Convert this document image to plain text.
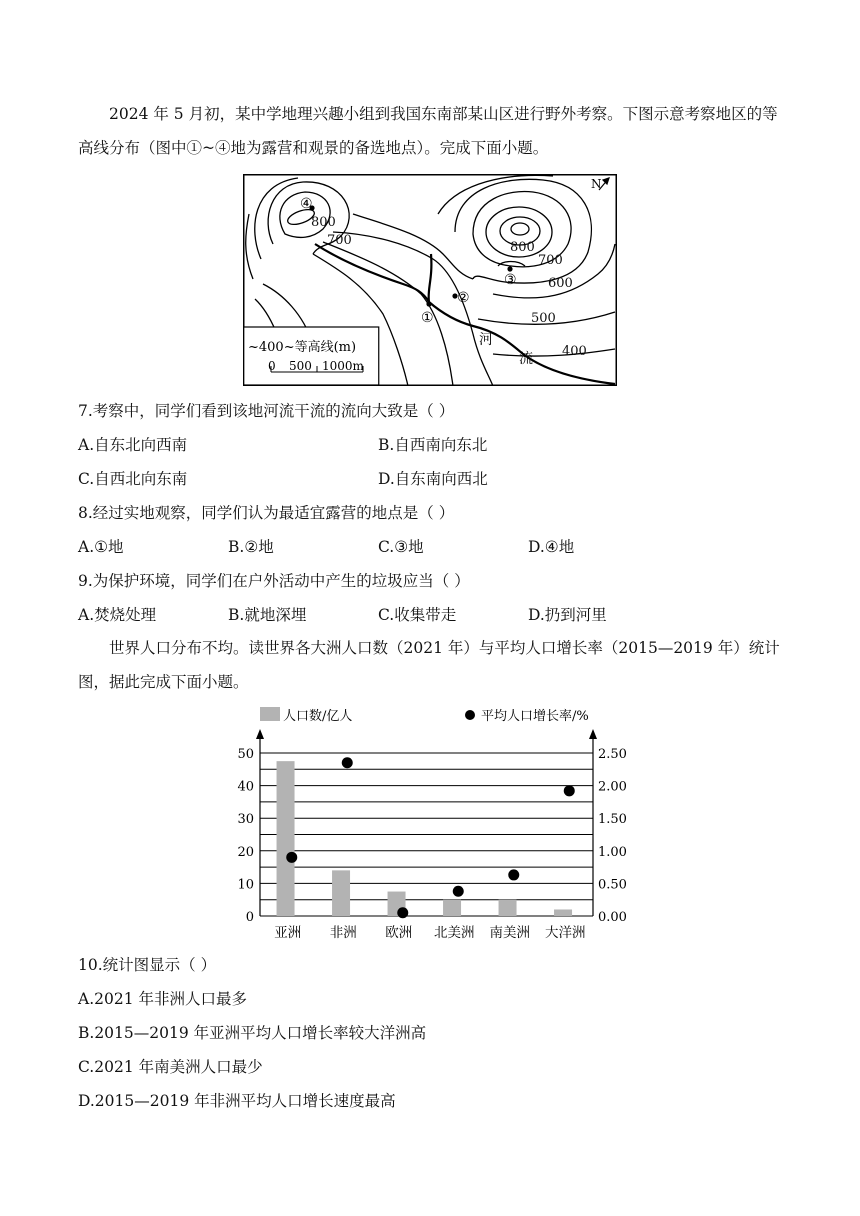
2024 年 5 月初，某中学地理兴趣小组到我国东南部某山区进行野外考察。下图示意考察地区的等高线分布（图中①~④地为露营和观景的备选地点）。完成下面小题。

N
800
700	800
700
600
500
400
①
②
③
④
河
流
~400~等高线(m)
0 500 1000m
7.考察中，同学们看到该地河流干流的流向大致是（ ）
A.自东北向西南	B.自西南向东北
C.自西北向东南	D.自东南向西北
8.经过实地观察，同学们认为最适宜露营的地点是（ ）
A.①地	B.②地	C.③地	D.④地
9.为保护环境，同学们在户外活动中产生的垃圾应当（ ）
A.焚烧处理	B.就地深埋	C.收集带走	D.扔到河里

世界人口分布不均。读世界各大洲人口数（2021 年）与平均人口增长率（2015—2019 年）统计图，据此完成下面小题。

人口数/亿人	平均人口增长率/%
0
10
20
30
40
50
0.00
0.50
1.00
1.50
2.00
2.50
亚洲 非洲 欧洲 北美洲 南美洲 大洋洲
10.统计图显示（ ）
A.2021 年非洲人口最多
B.2015—2019 年亚洲平均人口增长率较大洋洲高
C.2021 年南美洲人口最少
D.2015—2019 年非洲平均人口增长速度最高
